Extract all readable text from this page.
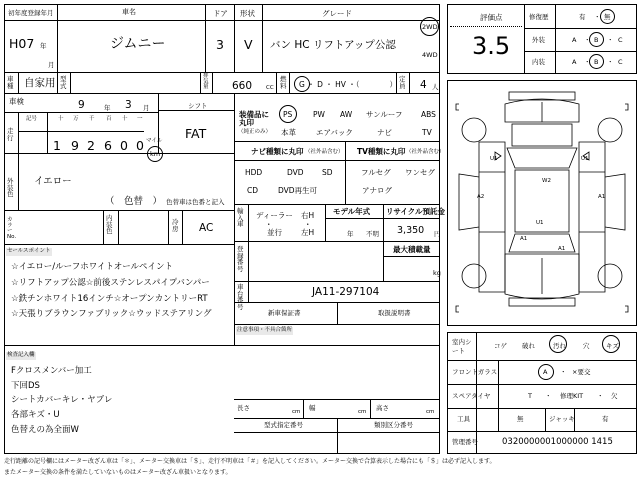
初年度登録年月	車名	ドア 形状	グレード
H07 年
月
ジムニー	3 V バン HC リフトアップ公認
2WD
4WD
車種 自家用 型式
排気量 660	CC
燃料 G ・ D ・ HV ・（　　　　）
定員 4 人
車検	9	年 3 月	シフト
FAT
走行
記号	十 万 千 百 十 一
1 9 2 6 0 0 マイル
km
外装色
イエロー
（　色替　） 色替車は色番と記入
カラーNo.
内装色
冷房 AC
セールスポイント
☆イエロー/ルーフホワイトオールペイント
☆リフトアップ公認☆前後ステンレスパイプバンパー
☆鉄チンホワイト16インチ☆オープンカントリーRT
☆天張りブラウンファブリック☆ウッドステアリング
検査記入欄
Fクロスメンバー加工
下回DS
シートカバーキレ・ヤブレ
各部キズ・U
色替えの為全面W
装備品に丸印
（純正のみ）
PS	PW AW サンルーフ ABS
本革	エアバック	ナビ	TV
ナビ種類に丸印 （社外品含む） TV種類に丸印 （社外品含む）
HDD	DVD SD
CD	DVD再生可
フルセグ ワンセグ
アナログ
輸入車
ディーラー
並行
・
右H
・
左H
モデル年式
年 不明
リサイクル預託金
3,350 円
登録番号
最大積載量
kg
車台番号
JA11-297104
新車保証書	取扱説明書
注意事項・不具合箇所
長さ	cm 幅	cm 高さ	cm
型式指定番号	類別区分番号
評価点
3.5
修復歴	有 ・ 無
外装	A ・ B ・ C
内装	A ・ B ・ C
U1	U1
A2	A1
W2
A1
U1
A1
室内シート
コゲ 破れ	汚れ	穴	キズ
フロントガラス	A ・ ×要交
スペアタイヤ	T ・ 修理KIT ・ 欠
工具	無	ジャッキ	有
管理番号	0320000001000000 1415
走行距離の記号欄にはメーター改ざん車は「＊」、メーター交換車は「＄」、走行不明車は「＃」を記入してください。メーター交換で合算表示した場合にも「＄」は必ず記入します。
またメーター交換の条件を満たしていないものはメーター改ざん車扱いとなります。
